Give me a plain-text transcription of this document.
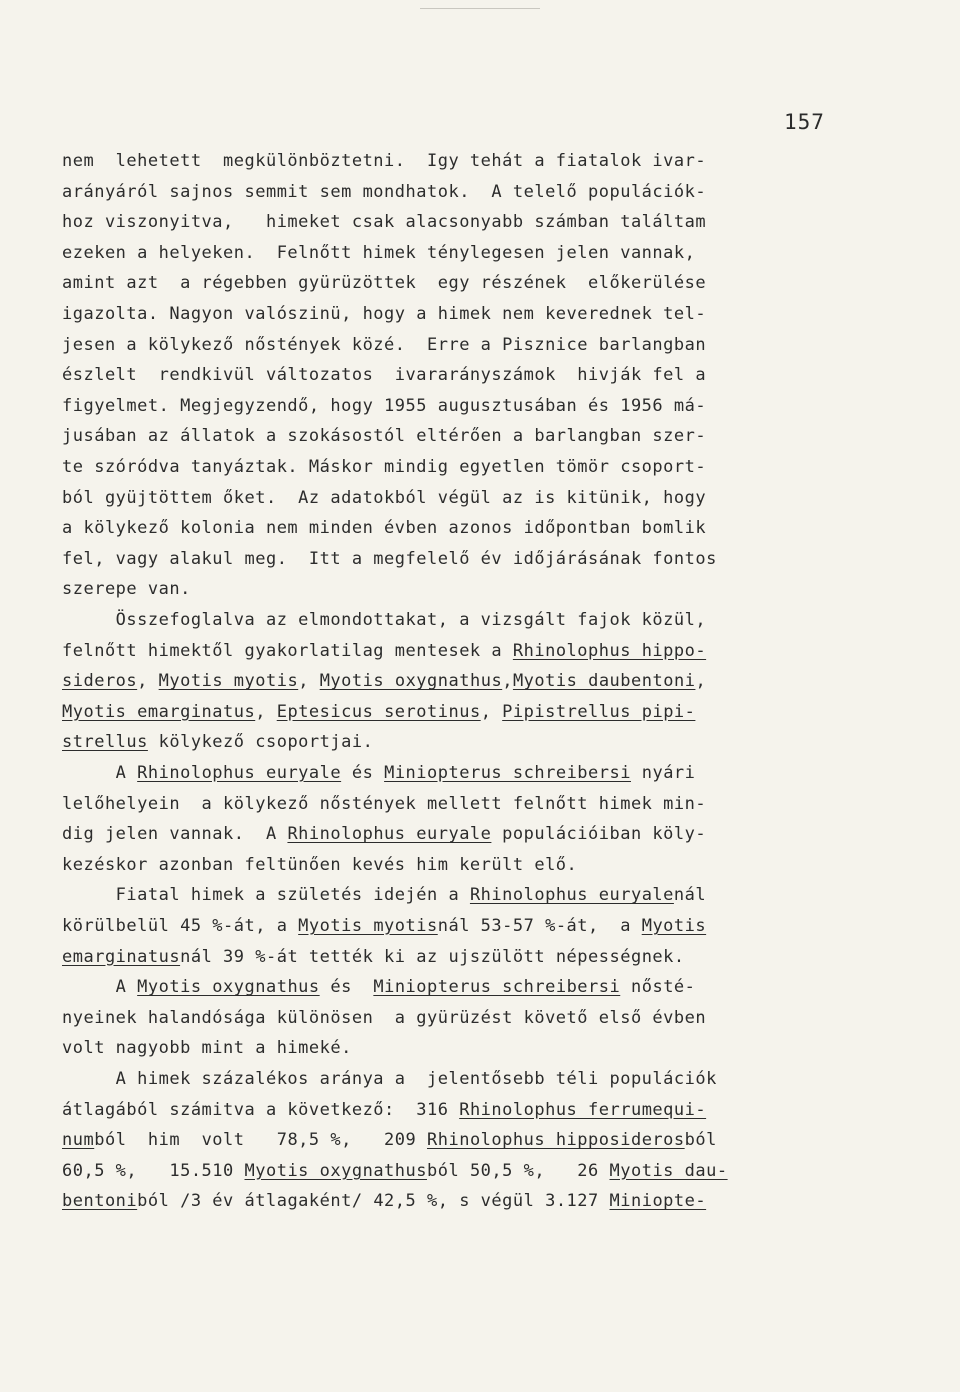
157
nem  lehetett  megkülönböztetni.  Igy tehát a fiatalok ivar-
arányáról sajnos semmit sem mondhatok.  A telelő populációk-
hoz viszonyitva,   himeket csak alacsonyabb számban találtam
ezeken a helyeken.  Felnőtt himek ténylegesen jelen vannak,
amint azt  a régebben gyürüzöttek  egy részének  előkerülése
igazolta. Nagyon valószinü, hogy a himek nem keverednek tel-
jesen a kölykező nőstények közé.  Erre a Pisznice barlangban
észlelt  rendkivül változatos  ivararányszámok  hivják fel a
figyelmet. Megjegyzendő, hogy 1955 augusztusában és 1956 má-
jusában az állatok a szokásostól eltérően a barlangban szer-
te szóródva tanyáztak. Máskor mindig egyetlen tömör csoport-
ból gyüjtöttem őket.  Az adatokból végül az is kitünik, hogy
a kölykező kolonia nem minden évben azonos időpontban bomlik
fel, vagy alakul meg.  Itt a megfelelő év időjárásának fontos
szerepe van.
Összefoglalva az elmondottakat, a vizsgált fajok közül,
felnőtt himektől gyakorlatilag mentesek a Rhinolophus hippo-
sideros, Myotis myotis, Myotis oxygnathus,Myotis daubentoni,
Myotis emarginatus, Eptesicus serotinus, Pipistrellus pipi-
strellus kölykező csoportjai.
A Rhinolophus euryale és Miniopterus schreibersi nyári
lelőhelyein  a kölykező nőstények mellett felnőtt himek min-
dig jelen vannak.  A Rhinolophus euryale populációiban köly-
kezéskor azonban feltünően kevés him került elő.
Fiatal himek a születés idején a Rhinolophus euryalenál
körülbelül 45 %-át, a Myotis myotisnál 53-57 %-át,  a Myotis
emarginatusnál 39 %-át tették ki az ujszülött népességnek.
A Myotis oxygnathus és  Miniopterus schreibersi nősté-
nyeinek halandósága különösen  a gyürüzést követő első évben
volt nagyobb mint a himeké.
A himek százalékos aránya a  jelentősebb téli populációk
átlagából számitva a következő:  316 Rhinolophus ferrumequi-
numból  him  volt   78,5 %,   209 Rhinolophus hipposiderosból
60,5 %,   15.510 Myotis oxygnathusból 50,5 %,   26 Myotis dau-
bentoniból /3 év átlagaként/ 42,5 %, s végül 3.127 Miniopte-
